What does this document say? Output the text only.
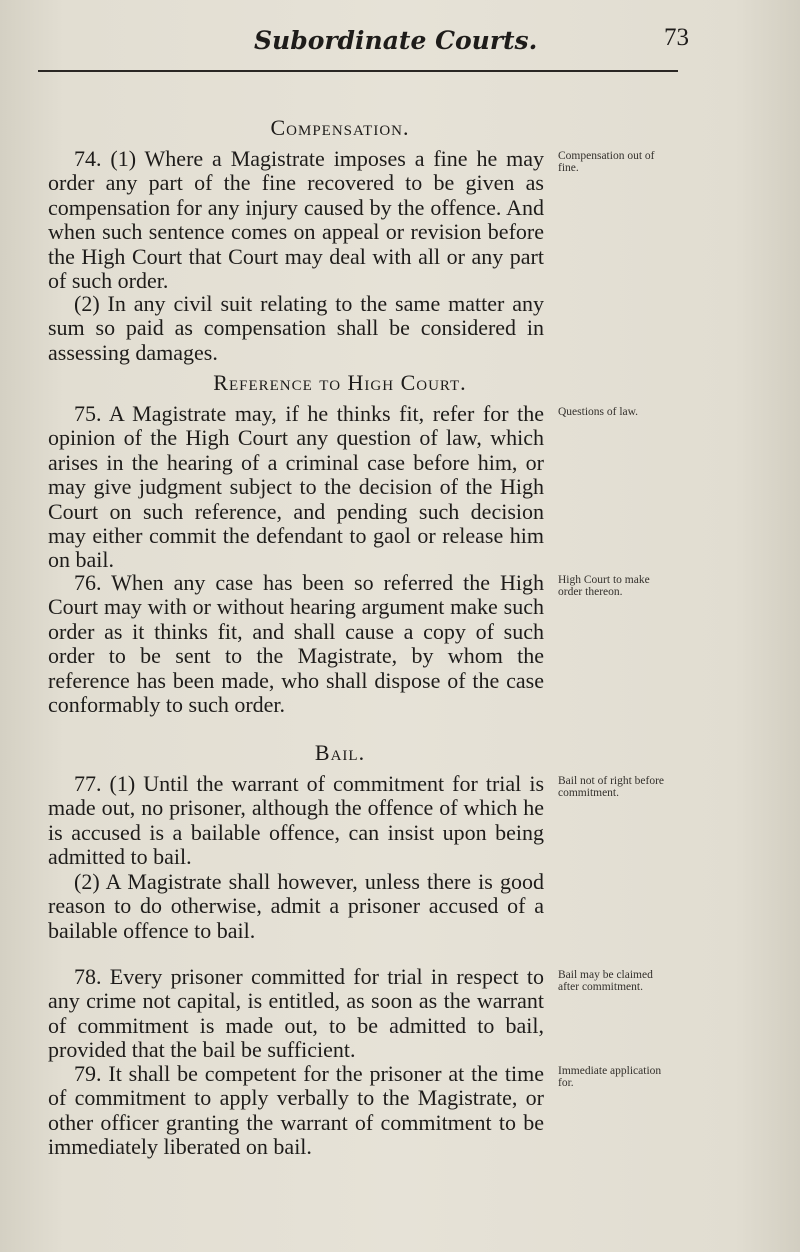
Subordinate Courts.	73
Compensation.
74. (1) Where a Magistrate imposes a fine he may order any part of the fine recovered to be given as compensation for any injury caused by the offence. And when such sentence comes on appeal or revision before the High Court that Court may deal with all or any part of such order.
(2) In any civil suit relating to the same matter any sum so paid as compensation shall be considered in assessing damages.
Reference to High Court.
75. A Magistrate may, if he thinks fit, refer for the opinion of the High Court any question of law, which arises in the hearing of a criminal case before him, or may give judgment subject to the decision of the High Court on such reference, and pending such decision may either commit the defendant to gaol or release him on bail.
76. When any case has been so referred the High Court may with or without hearing argument make such order as it thinks fit, and shall cause a copy of such order to be sent to the Magistrate, by whom the reference has been made, who shall dispose of the case conformably to such order.
Bail.
77. (1) Until the warrant of commitment for trial is made out, no prisoner, although the offence of which he is accused is a bailable offence, can insist upon being admitted to bail.
(2) A Magistrate shall however, unless there is good reason to do otherwise, admit a prisoner accused of a bailable offence to bail.
78. Every prisoner committed for trial in respect to any crime not capital, is entitled, as soon as the warrant of commitment is made out, to be admitted to bail, provided that the bail be sufficient.
79. It shall be competent for the prisoner at the time of commitment to apply verbally to the Magistrate, or other officer granting the warrant of commitment to be immediately liberated on bail.
Compensation out of fine.
Questions of law.
High Court to make order thereon.
Bail not of right before commitment.
Bail may be claimed after commitment.
Immediate application for.
